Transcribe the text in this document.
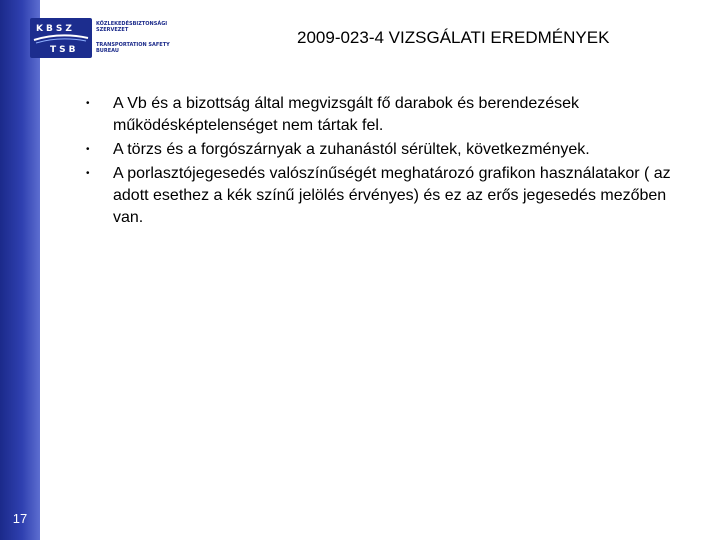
17
KBSZ
TSB
KÖZLEKEDÉSBIZTONSÁGI
SZERVEZET
TRANSPORTATION SAFETY
BUREAU
2009-023-4 VIZSGÁLATI EREDMÉNYEK
• A Vb és a bizottság által megvizsgált fő darabok és berendezések működésképtelenséget nem tártak fel.
• A törzs és a forgószárnyak a zuhanástól sérültek, következmények.
• A porlasztójegesedés valószínűségét meghatározó grafikon használatakor ( az adott esethez a kék színű jelölés érvényes) és ez az erős jegesedés mezőben van.
